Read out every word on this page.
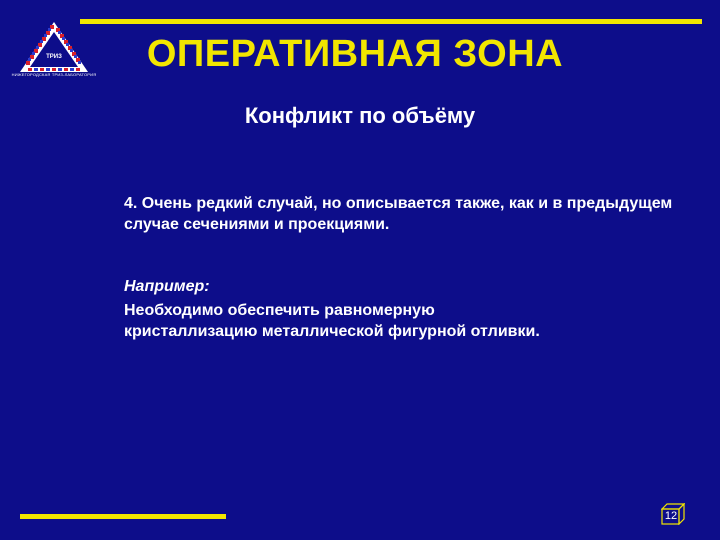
ТРИЗ
НИЖЕГОРОДСКАЯ ТРИЗ-ЛАБОРАТОРИЯ	ОПЕРАТИВНАЯ ЗОНА
Конфликт по объёму

4. Очень редкий случай, но описывается также, как и в предыдущем случае сечениями и проекциями.

Например:
Необходимо обеспечить равномерную
кристаллизацию металлической фигурной отливки.
12
